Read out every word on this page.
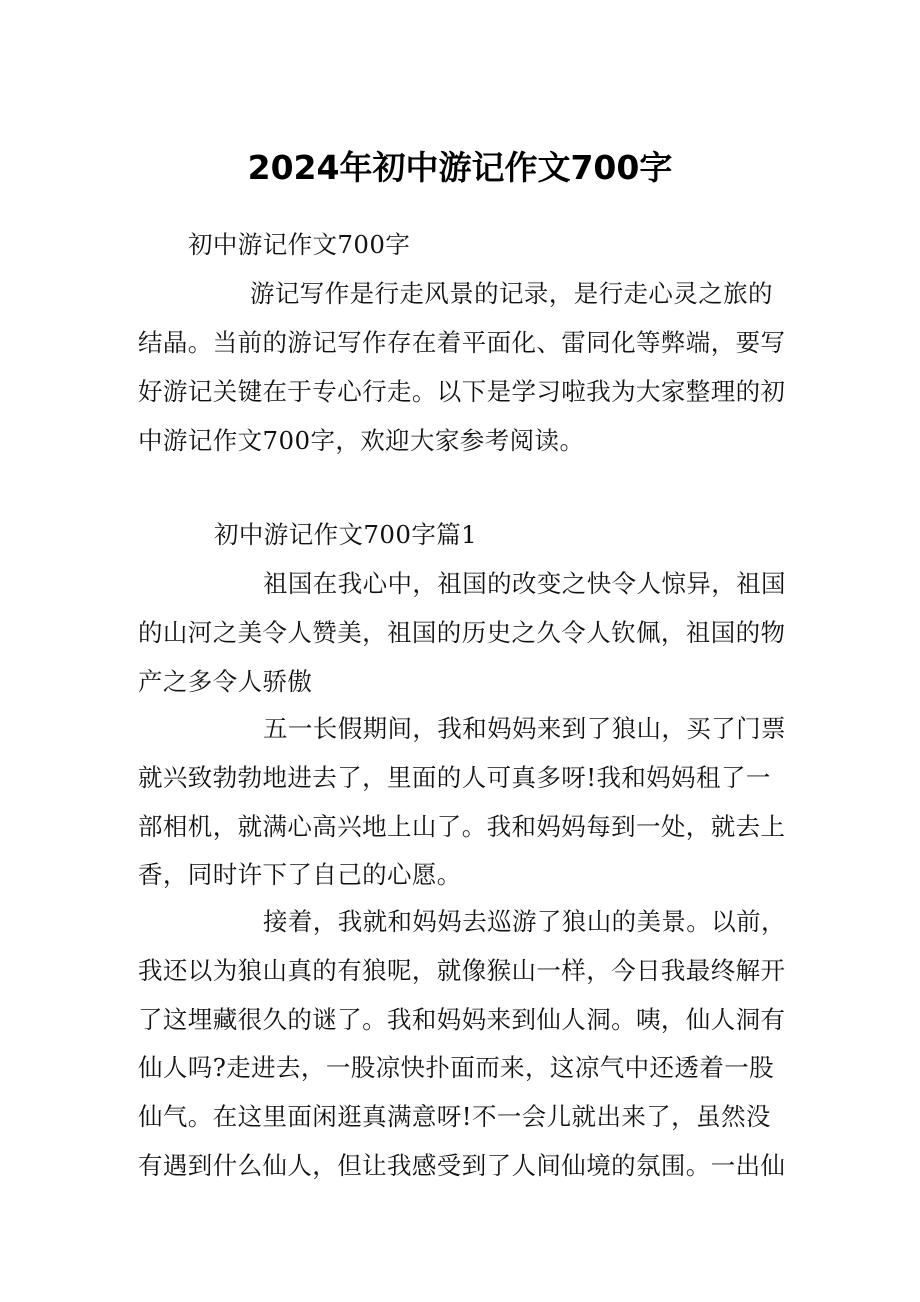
2024年初中游记作文700字
初中游记作文700字
游记写作是行走风景的记录，是行走心灵之旅的
结晶。当前的游记写作存在着平面化、雷同化等弊端，要写
好游记关键在于专心行走。以下是学习啦我为大家整理的初
中游记作文700字，欢迎大家参考阅读。
初中游记作文700字篇1
祖国在我心中，祖国的改变之快令人惊异，祖国
的山河之美令人赞美，祖国的历史之久令人钦佩，祖国的物
产之多令人骄傲
五一长假期间，我和妈妈来到了狼山，买了门票
就兴致勃勃地进去了，里面的人可真多呀!我和妈妈租了一
部相机，就满心高兴地上山了。我和妈妈每到一处，就去上
香，同时许下了自己的心愿。
接着，我就和妈妈去巡游了狼山的美景。以前，
我还以为狼山真的有狼呢，就像猴山一样，今日我最终解开
了这埋藏很久的谜了。我和妈妈来到仙人洞。咦，仙人洞有
仙人吗?走进去，一股凉快扑面而来，这凉气中还透着一股
仙气。在这里面闲逛真满意呀!不一会儿就出来了，虽然没
有遇到什么仙人，但让我感受到了人间仙境的氛围。一出仙
